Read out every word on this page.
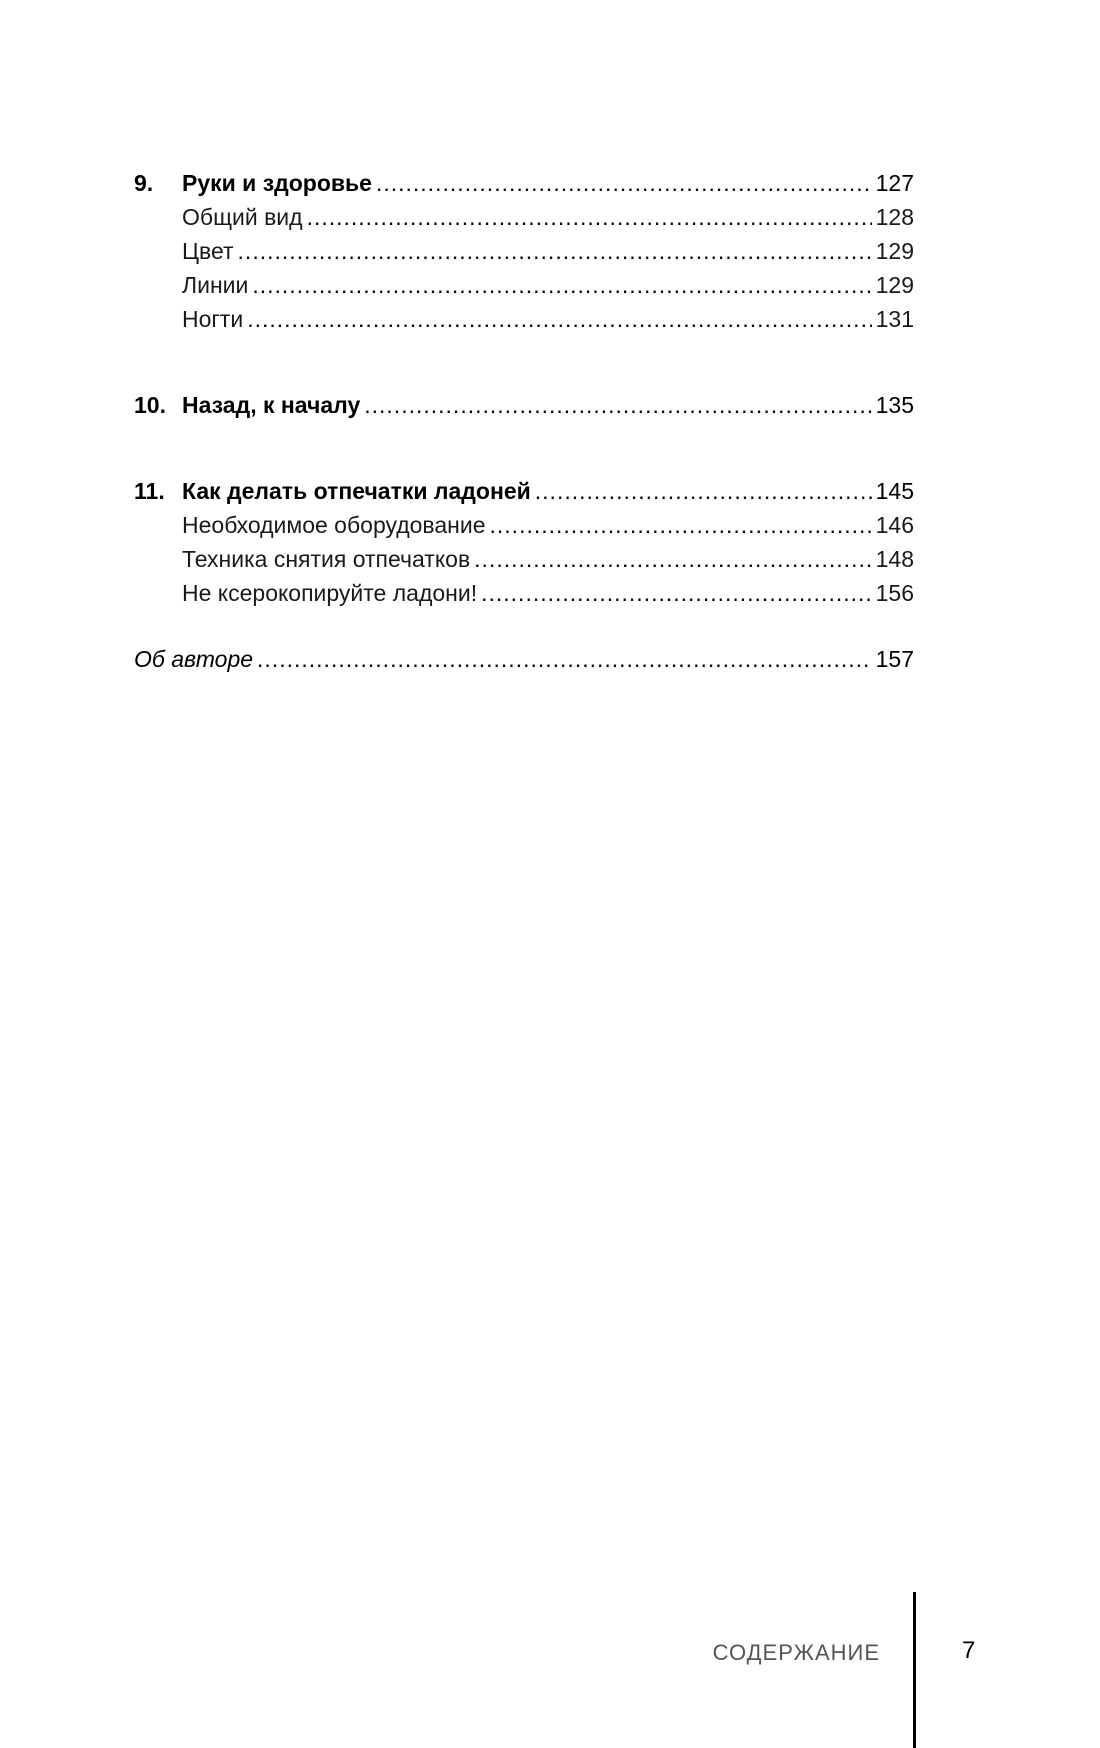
9.	Руки и здоровье .....	127
Общий вид .....	128
Цвет .....	129
Линии .....	129
Ногти .....	131
10. Назад, к началу .....	135
11. Как делать отпечатки ладоней .....	145
Необходимое оборудование .....	146
Техника снятия отпечатков .....	148
Не ксерокопируйте ладони! .....	156
Об авторе .....	157
СОДЕРЖАНИЕ	7
